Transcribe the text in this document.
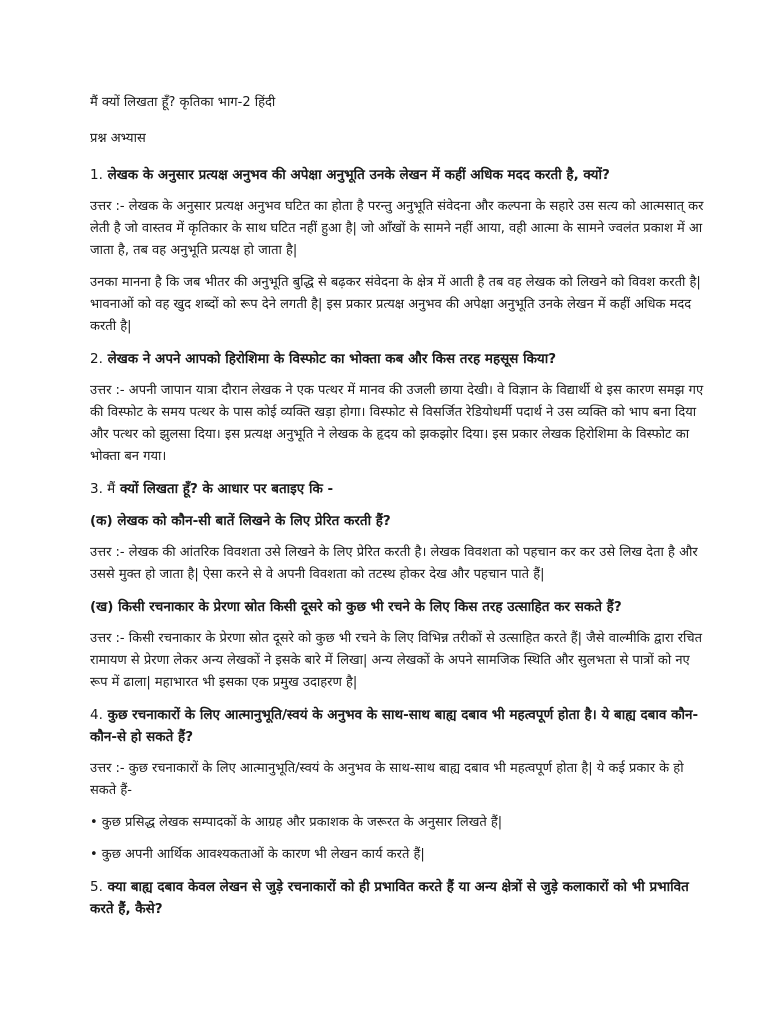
मैं क्यों लिखता हूँ? कृतिका भाग-2 हिंदी

प्रश्न अभ्यास

1. लेखक के अनुसार प्रत्यक्ष अनुभव की अपेक्षा अनुभूति उनके लेखन में कहीं अधिक मदद करती है, क्यों?

उत्तर :- लेखक के अनुसार प्रत्यक्ष अनुभव घटित का होता है परन्तु अनुभूति संवेदना और कल्पना के सहारे उस सत्य को आत्मसात् कर लेती है जो वास्तव में कृतिकार के साथ घटित नहीं हुआ है| जो आँखों के सामने नहीं आया, वही आत्मा के सामने ज्वलंत प्रकाश में आ जाता है, तब वह अनुभूति प्रत्यक्ष हो जाता है|

उनका मानना है कि जब भीतर की अनुभूति बुद्धि से बढ़कर संवेदना के क्षेत्र में आती है तब वह लेखक को लिखने को विवश करती है| भावनाओं को वह खुद शब्दों को रूप देने लगती है| इस प्रकार प्रत्यक्ष अनुभव की अपेक्षा अनुभूति उनके लेखन में कहीं अधिक मदद करती है|

2. लेखक ने अपने आपको हिरोशिमा के विस्फोट का भोक्ता कब और किस तरह महसूस किया?

उत्तर :- अपनी जापान यात्रा दौरान लेखक ने एक पत्थर में मानव की उजली छाया देखी। वे विज्ञान के विद्यार्थी थे इस कारण समझ गए की विस्फोट के समय पत्थर के पास कोई व्यक्ति खड़ा होगा। विस्फोट से विसर्जित रेडियोधर्मी पदार्थ ने उस व्यक्ति को भाप बना दिया और पत्थर को झुलसा दिया। इस प्रत्यक्ष अनुभूति ने लेखक के हृदय को झकझोर दिया। इस प्रकार लेखक हिरोशिमा के विस्फोट का भोक्ता बन गया।

3. मैं क्यों लिखता हूँ? के आधार पर बताइए कि -

(क) लेखक को कौन-सी बातें लिखने के लिए प्रेरित करती हैं?

उत्तर :- लेखक की आंतरिक विवशता उसे लिखने के लिए प्रेरित करती है। लेखक विवशता को पहचान कर कर उसे लिख देता है और उससे मुक्त हो जाता है| ऐसा करने से वे अपनी विवशता को तटस्थ होकर देख और पहचान पाते हैं|

(ख) किसी रचनाकार के प्रेरणा स्रोत किसी दूसरे को कुछ भी रचने के लिए किस तरह उत्साहित कर सकते हैं?

उत्तर :- किसी रचनाकार के प्रेरणा स्रोत दूसरे को कुछ भी रचने के लिए विभिन्न तरीकों से उत्साहित करते हैं| जैसे वाल्मीकि द्वारा रचित रामायण से प्रेरणा लेकर अन्य लेखकों ने इसके बारे में लिखा| अन्य लेखकों के अपने सामजिक स्थिति और सुलभता से पात्रों को नए रूप में ढाला| महाभारत भी इसका एक प्रमुख उदाहरण है|

4. कुछ रचनाकारों के लिए आत्मानुभूति/स्वयं के अनुभव के साथ-साथ बाह्य दबाव भी महत्वपूर्ण होता है। ये बाह्य दबाव कौन-कौन-से हो सकते हैं?

उत्तर :- कुछ रचनाकारों के लिए आत्मानुभूति/स्वयं के अनुभव के साथ-साथ बाह्य दबाव भी महत्वपूर्ण होता है| ये कई प्रकार के हो सकते हैं-

• कुछ प्रसिद्ध लेखक सम्पादकों के आग्रह और प्रकाशक के जरूरत के अनुसार लिखते हैं|

• कुछ अपनी आर्थिक आवश्यकताओं के कारण भी लेखन कार्य करते हैं|

5. क्या बाह्य दबाव केवल लेखन से जुड़े रचनाकारों को ही प्रभावित करते हैं या अन्य क्षेत्रों से जुड़े कलाकारों को भी प्रभावित करते हैं, कैसे?
